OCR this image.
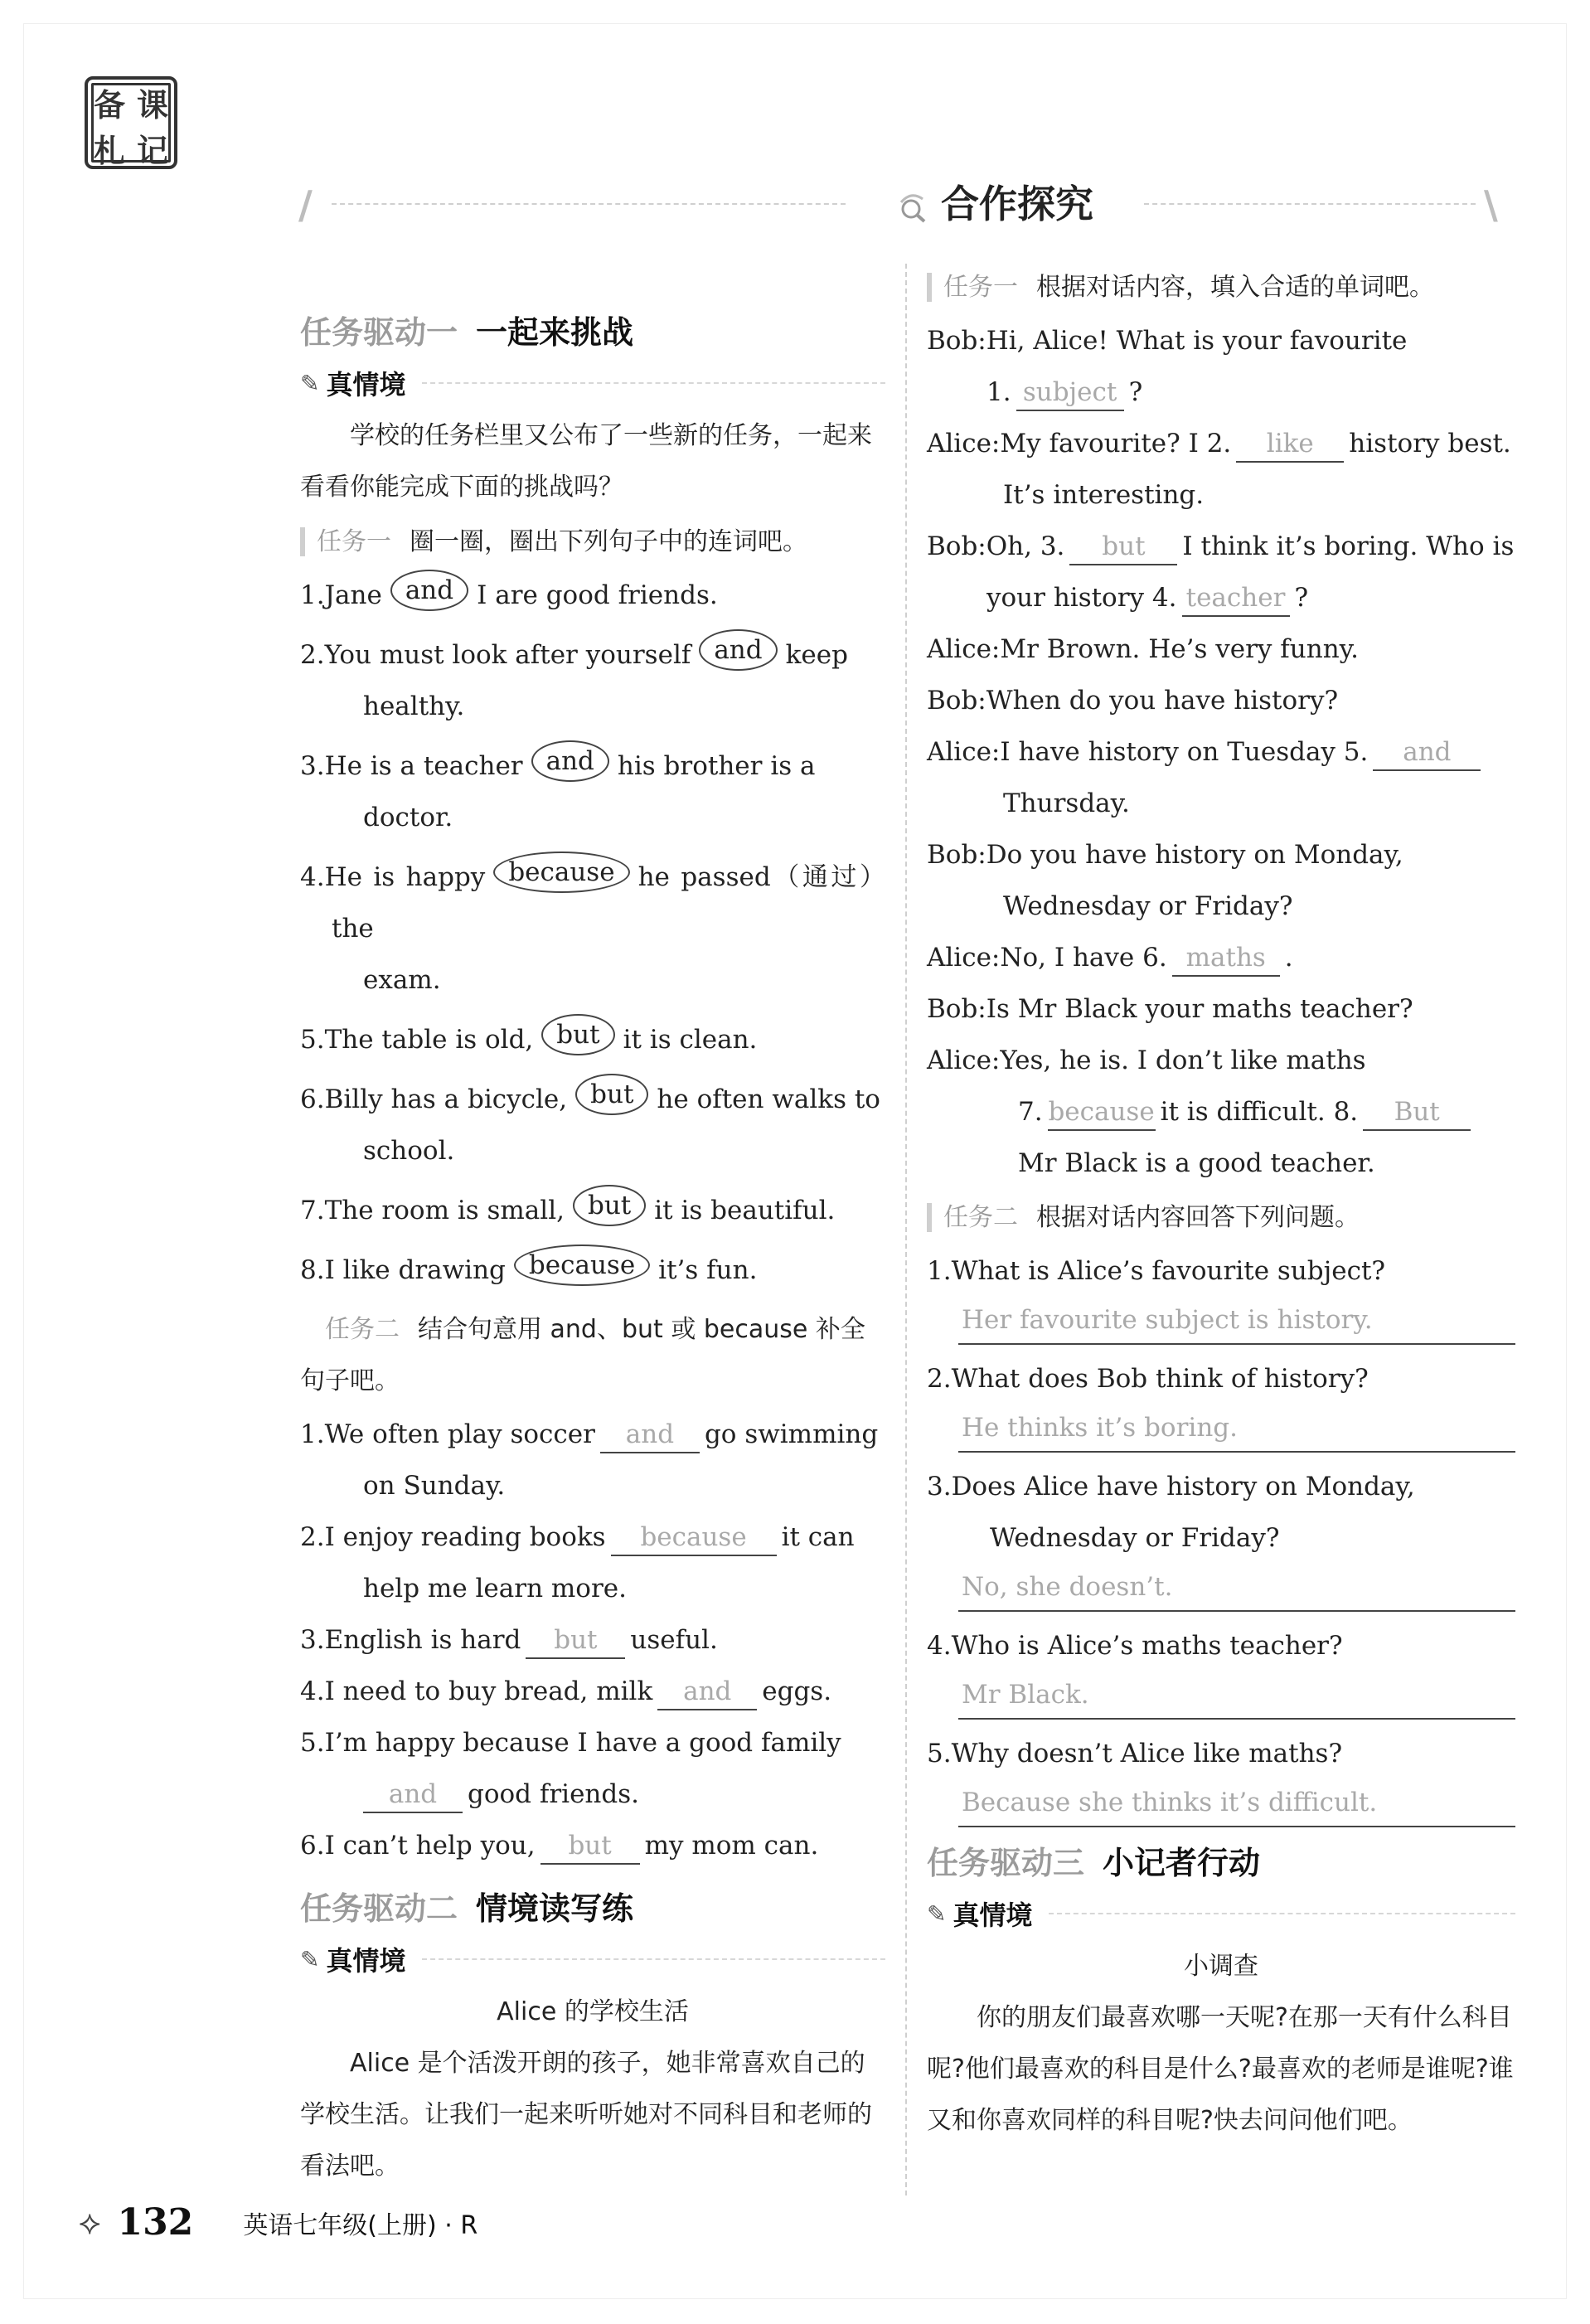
备 课
札 记
/	合作探究	\
任务驱动一 一起来挑战
✎ 真情境

学校的任务栏里又公布了一些新的任务，一起来看看你能完成下面的挑战吗？

任务一 圈一圈，圈出下列句子中的连词吧。

1.Jane and I are good friends.

2.You must look after yourself and keep
healthy.

3.He is a teacher and his brother is a
doctor.

4.He is happy because he passed（通过）the
exam.

5.The table is old, but it is clean.

6.Billy has a bicycle, but he often walks to
school.

7.The room is small, but it is beautiful.

8.I like drawing because it’s fun.

任务二 结合句意用 and、but 或 because 补全句子吧。

1.We often play soccer and go swimming
on Sunday.

2.I enjoy reading books because it can
help me learn more.

3.English is hard but useful.

4.I need to buy bread, milk and eggs.

5.I’m happy because I have a good family
and good friends.

6.I can’t help you, but my mom can.

任务驱动二 情境读写练
✎ 真情境

Alice 的学校生活

Alice 是个活泼开朗的孩子，她非常喜欢自己的学校生活。让我们一起来听听她对不同科目和老师的看法吧。

任务一 根据对话内容，填入合适的单词吧。

Bob:Hi, Alice! What is your favourite
1. subject ?

Alice:My favourite? I 2. like history best.
It’s interesting.

Bob:Oh, 3. but I think it’s boring. Who is
your history 4. teacher ?

Alice:Mr Brown. He’s very funny.

Bob:When do you have history?

Alice:I have history on Tuesday 5. and
Thursday.

Bob:Do you have history on Monday,
Wednesday or Friday?

Alice:No, I have 6. maths .

Bob:Is Mr Black your maths teacher?

Alice:Yes, he is. I don’t like maths
7. because it is difficult. 8. But
Mr Black is a good teacher.

任务二 根据对话内容回答下列问题。

1.What is Alice’s favourite subject?

Her favourite subject is history.

2.What does Bob think of history?

He thinks it’s boring.

3.Does Alice have history on Monday,
Wednesday or Friday?

No, she doesn’t.

4.Who is Alice’s maths teacher?

Mr Black.

5.Why doesn’t Alice like maths?

Because she thinks it’s difficult.
任务驱动三 小记者行动
✎ 真情境

小调查

你的朋友们最喜欢哪一天呢?在那一天有什么科目呢?他们最喜欢的科目是什么?最喜欢的老师是谁呢?谁又和你喜欢同样的科目呢?快去问问他们吧。

⟡ 132 英语七年级(上册) · R
